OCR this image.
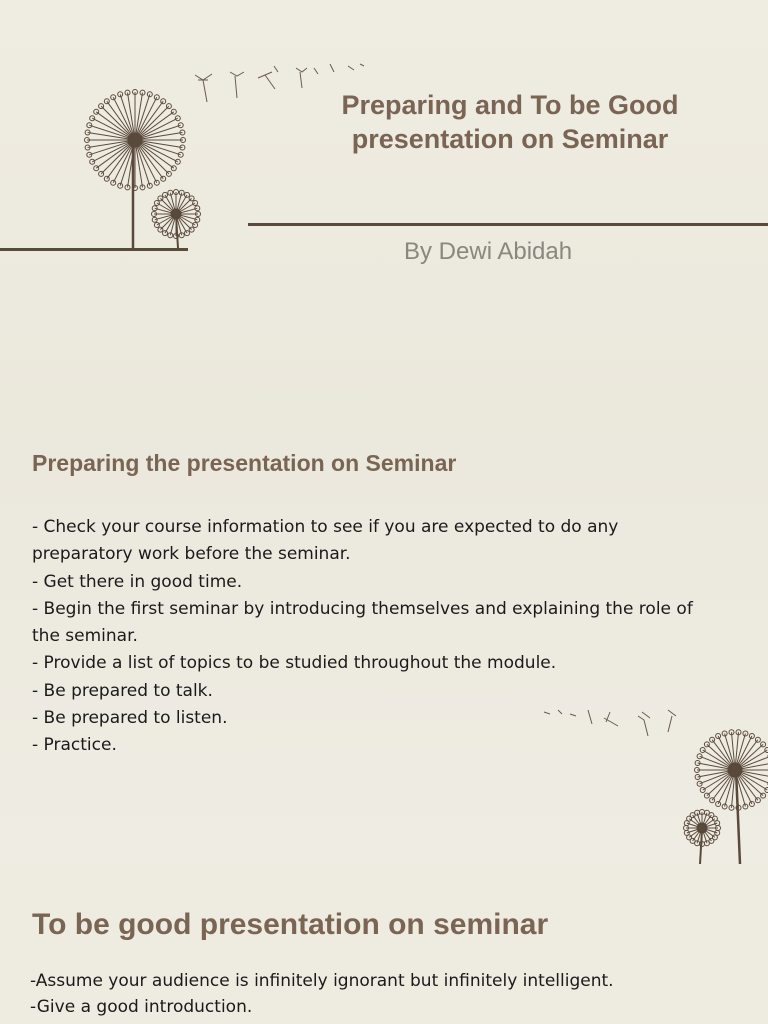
Preparing and To be Good
presentation on Seminar

By Dewi Abidah

Preparing the presentation on Seminar
- Check your course information to see if you are expected to do any
preparatory work before the seminar.
- Get there in good time.
- Begin the first seminar by introducing themselves and explaining the role of
the seminar.
- Provide a list of topics to be studied throughout the module.
- Be prepared to talk.
- Be prepared to listen.
- Practice.
To be good presentation on seminar
-Assume your audience is infinitely ignorant but infinitely intelligent.
-Give a good introduction.
